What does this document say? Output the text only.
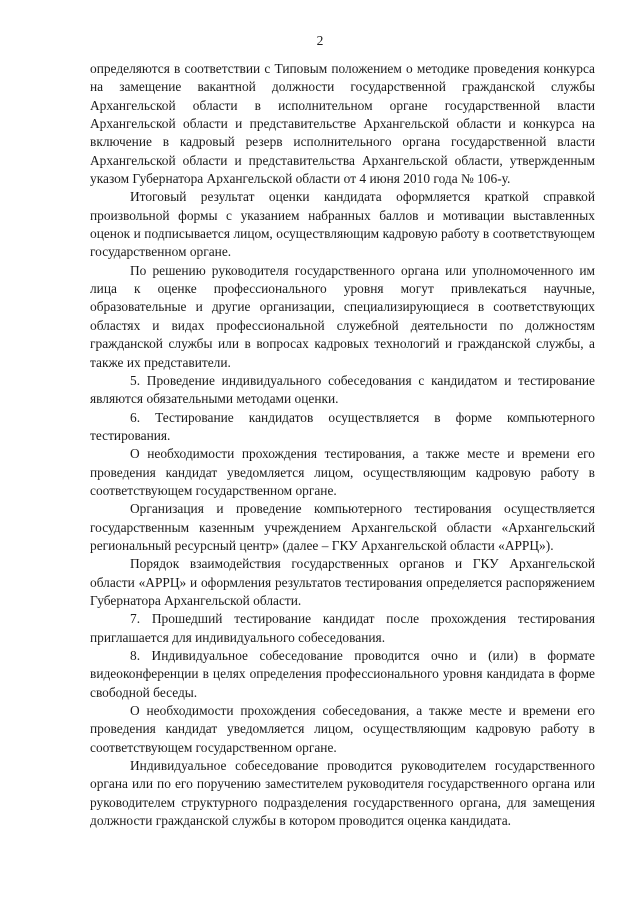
2

определяются в соответствии с Типовым положением о методике проведения конкурса на замещение вакантной должности государственной гражданской службы Архангельской области в исполнительном органе государственной власти Архангельской области и представительстве Архангельской области и конкурса на включение в кадровый резерв исполнительного органа государственной власти Архангельской области и представительства Архангельской области, утвержденным указом Губернатора Архангельской области от 4 июня 2010 года № 106-у.

Итоговый результат оценки кандидата оформляется краткой справкой произвольной формы с указанием набранных баллов и мотивации выставленных оценок и подписывается лицом, осуществляющим кадровую работу в соответствующем государственном органе.

По решению руководителя государственного органа или уполномоченного им лица к оценке профессионального уровня могут привлекаться научные, образовательные и другие организации, специализирующиеся в соответствующих областях и видах профессиональной служебной деятельности по должностям гражданской службы или в вопросах кадровых технологий и гражданской службы, а также их представители.

5. Проведение индивидуального собеседования с кандидатом и тестирование являются обязательными методами оценки.

6. Тестирование кандидатов осуществляется в форме компьютерного тестирования.

О необходимости прохождения тестирования, а также месте и времени его проведения кандидат уведомляется лицом, осуществляющим кадровую работу в соответствующем государственном органе.

Организация и проведение компьютерного тестирования осуществляется государственным казенным учреждением Архангельской области «Архангельский региональный ресурсный центр» (далее – ГКУ Архангельской области «АРРЦ»).

Порядок взаимодействия государственных органов и ГКУ Архангельской области «АРРЦ» и оформления результатов тестирования определяется распоряжением Губернатора Архангельской области.

7. Прошедший тестирование кандидат после прохождения тестирования приглашается для индивидуального собеседования.

8. Индивидуальное собеседование проводится очно и (или) в формате видеоконференции в целях определения профессионального уровня кандидата в форме свободной беседы.

О необходимости прохождения собеседования, а также месте и времени его проведения кандидат уведомляется лицом, осуществляющим кадровую работу в соответствующем государственном органе.

Индивидуальное собеседование проводится руководителем государственного органа или по его поручению заместителем руководителя государственного органа или руководителем структурного подразделения государственного органа, для замещения должности гражданской службы в котором проводится оценка кандидата.
